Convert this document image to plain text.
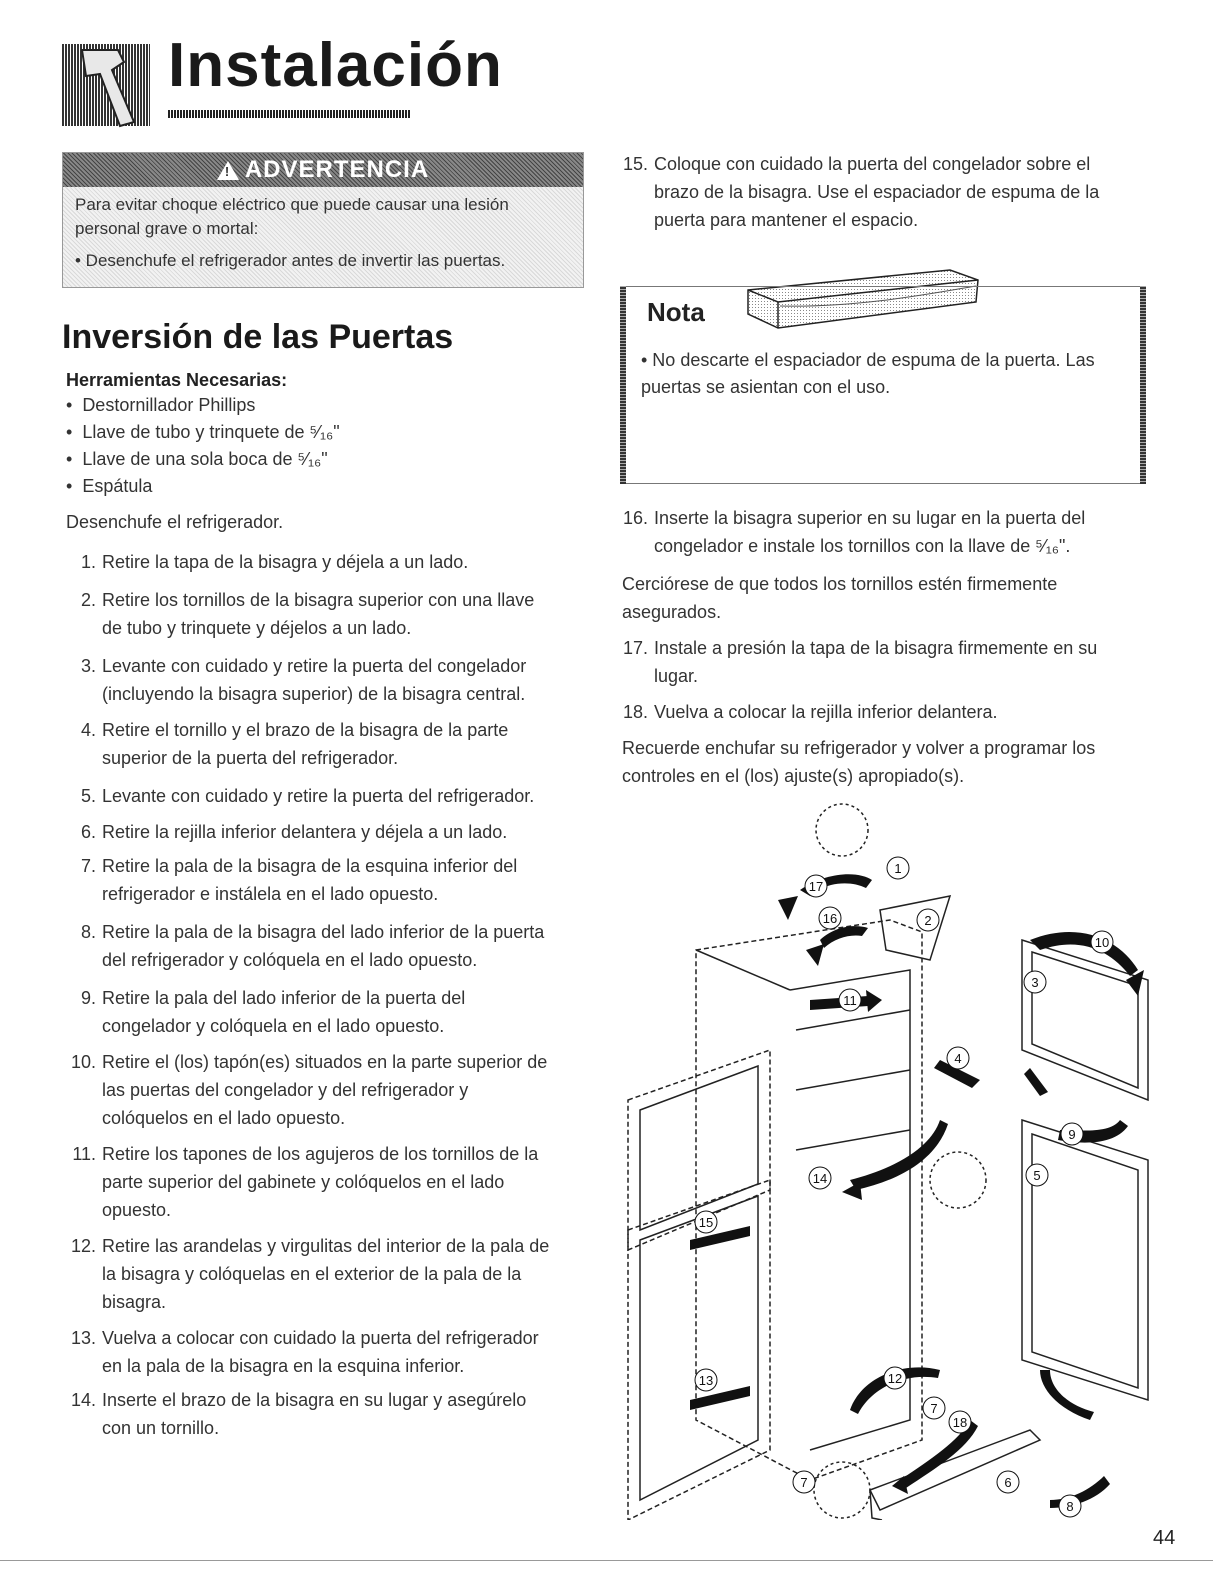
Instalación
! ADVERTENCIA
Para evitar choque eléctrico que puede causar una lesión personal grave o mortal:
• Desenchufe el refrigerador antes de invertir las puertas.
Inversión de las Puertas
Herramientas Necesarias:
• Destornillador Phillips
• Llave de tubo y trinquete de ⁵⁄₁₆"
• Llave de una sola boca de ⁵⁄₁₆"
• Espátula
Desenchufe el refrigerador.
1. Retire la tapa de la bisagra y déjela a un lado.
2. Retire los tornillos de la bisagra superior con una llave
de tubo y trinquete y déjelos a un lado.
3. Levante con cuidado y retire la puerta del congelador
(incluyendo la bisagra superior) de la bisagra central.
4. Retire el tornillo y el brazo de la bisagra de la parte
superior de la puerta del refrigerador.
5. Levante con cuidado y retire la puerta del refrigerador.
6. Retire la rejilla inferior delantera y déjela a un lado.
7. Retire la pala de la bisagra de la esquina inferior del
refrigerador e instálela en el lado opuesto.
8. Retire la pala de la bisagra del lado inferior de la puerta
del refrigerador y colóquela en el lado opuesto.
9. Retire la pala del lado inferior de la puerta del
congelador y colóquela en el lado opuesto.
10. Retire el (los) tapón(es) situados en la parte superior de
las puertas del congelador y del refrigerador y colóquelos en el lado opuesto.
11. Retire los tapones de los agujeros de los tornillos de la
parte superior del gabinete y colóquelos en el lado opuesto.
12. Retire las arandelas y virgulitas del interior de la pala de
la bisagra y colóquelas en el exterior de la pala de la bisagra.
13. Vuelva a colocar con cuidado la puerta del refrigerador
en la pala de la bisagra en la esquina inferior.
14. Inserte el brazo de la bisagra en su lugar y asegúrelo
con un tornillo.
15. Coloque con cuidado la puerta del congelador sobre el
brazo de la bisagra. Use el espaciador de espuma de la puerta para mantener el espacio.
Nota
• No descarte el espaciador de espuma de la puerta. Las puertas se asientan con el uso.
16. Inserte la bisagra superior en su lugar en la puerta del
congelador e instale los tornillos con la llave de ⁵⁄₁₆".
Cerciórese de que todos los tornillos estén firmemente asegurados.
17. Instale a presión la tapa de la bisagra firmemente en su
lugar.
18. Vuelva a colocar la rejilla inferior delantera.
Recuerde enchufar su refrigerador y volver a programar los controles en el (los) ajuste(s) apropiado(s).
1
2
3
4
5
6
7
7
8
9
10
11
12
13
14
15
16
17
18
44
